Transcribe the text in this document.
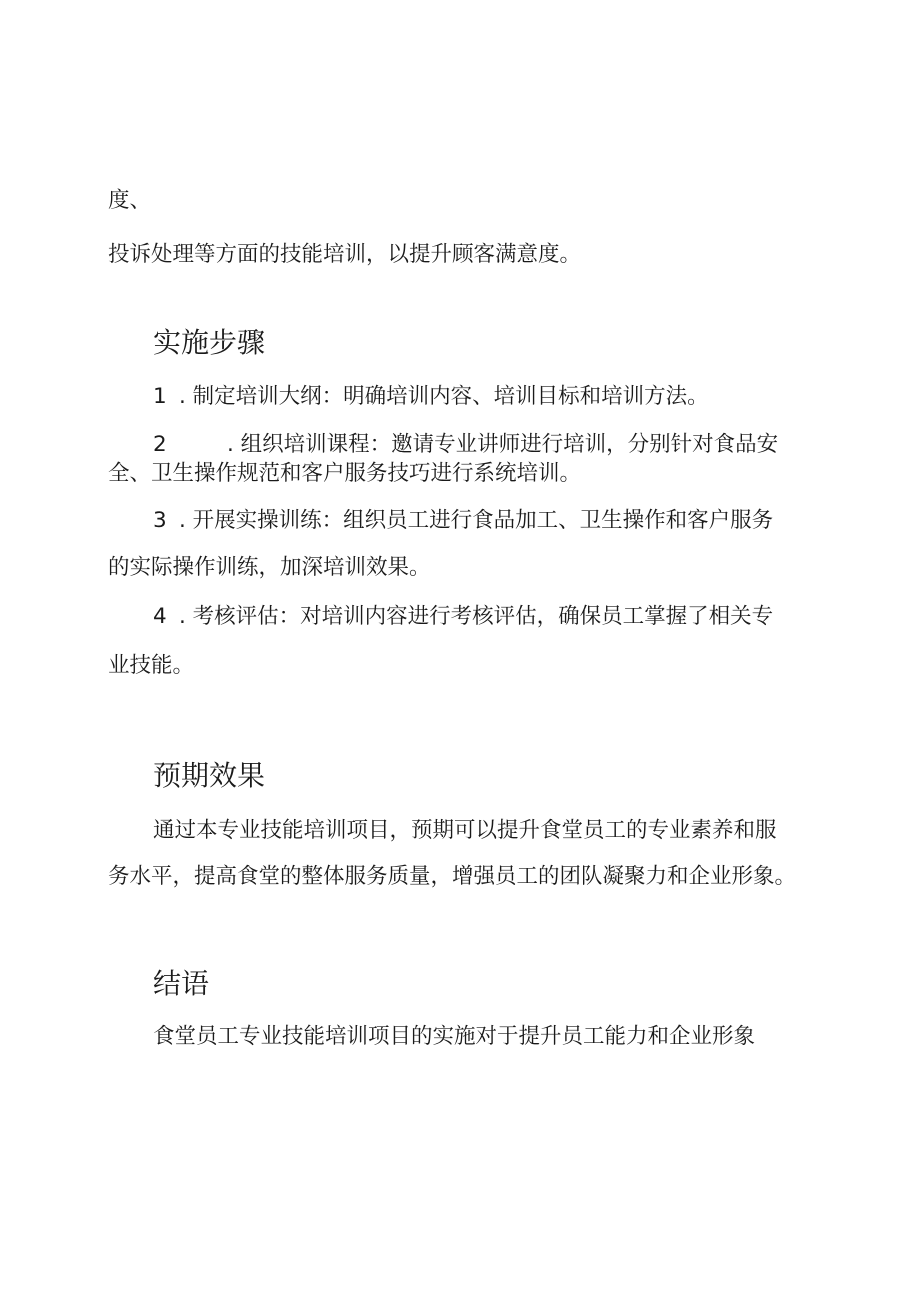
度、
投诉处理等方面的技能培训，以提升顾客满意度。
实施步骤
1 . 制定培训大纲：明确培训内容、培训目标和培训方法。
2	. 组织培训课程：邀请专业讲师进行培训，分别针对食品安
全、卫生操作规范和客户服务技巧进行系统培训。
3 . 开展实操训练：组织员工进行食品加工、卫生操作和客户服务
的实际操作训练，加深培训效果。
4 . 考核评估：对培训内容进行考核评估，确保员工掌握了相关专
业技能。
预期效果
通过本专业技能培训项目，预期可以提升食堂员工的专业素养和服
务水平，提高食堂的整体服务质量，增强员工的团队凝聚力和企业形象。
结语
食堂员工专业技能培训项目的实施对于提升员工能力和企业形象
